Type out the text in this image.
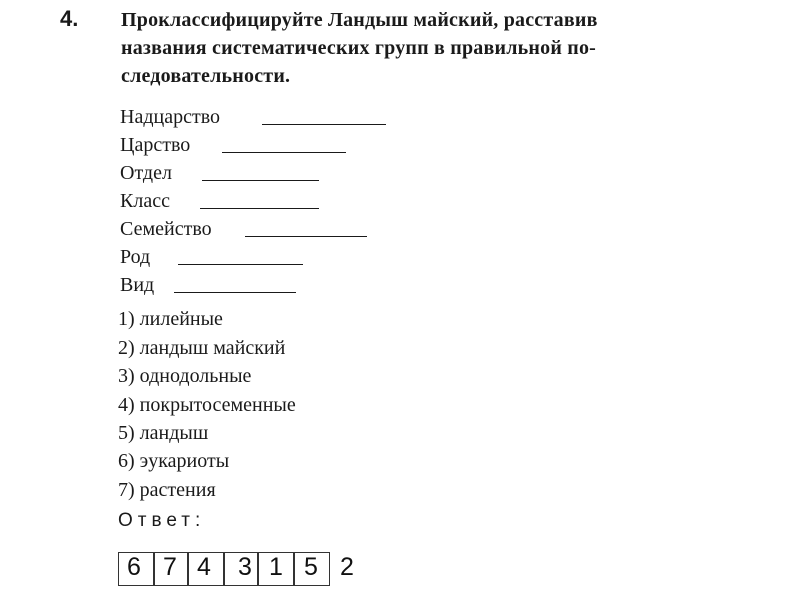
4. Проклассифицируйте Ландыш майский, расставив
названия систематических групп в правильной по-
следовательности.
Надцарство
Царство
Отдел
Класс
Семейство
Род
Вид
1) лилейные
2) ландыш майский
3) однодольные
4) покрытосеменные
5) ландыш
6) эукариоты
7) растения
Ответ:
6 7 4 3 1 5 2
